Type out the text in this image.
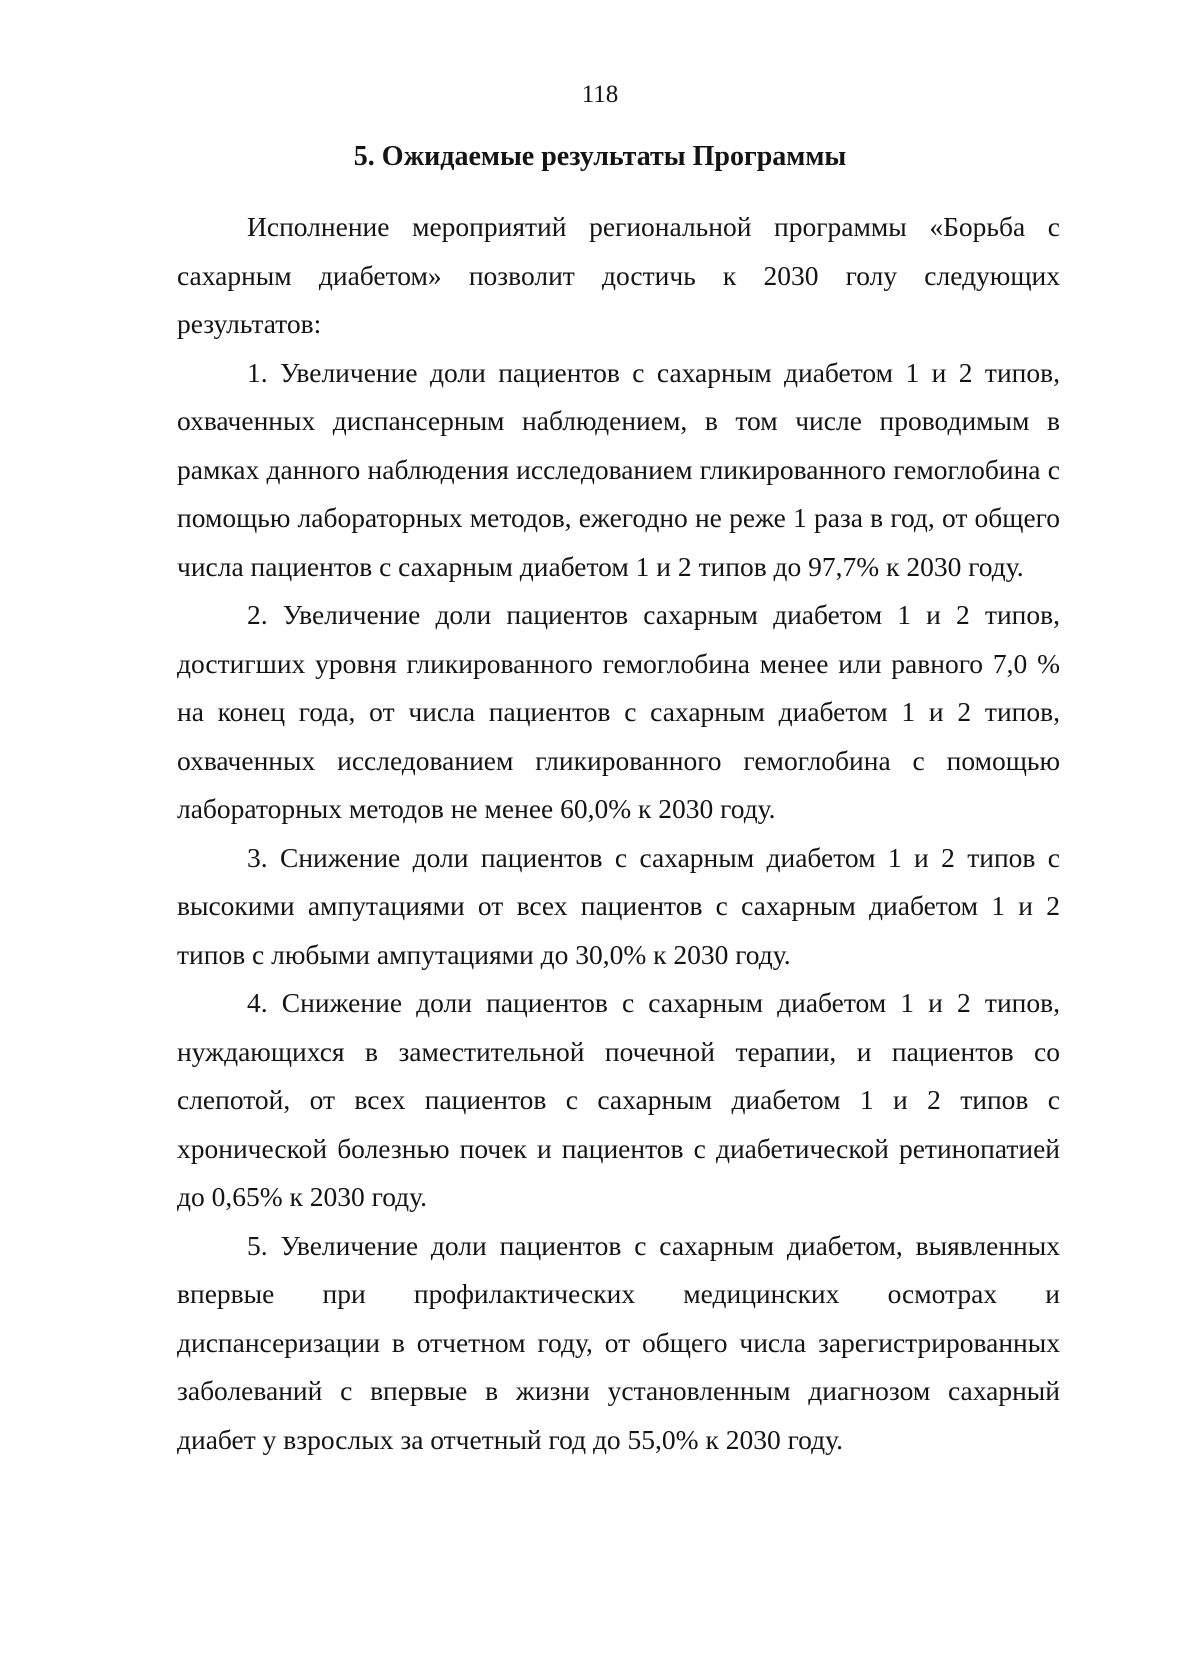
118
5. Ожидаемые результаты Программы

Исполнение мероприятий региональной программы «Борьба с сахарным диабетом» позволит достичь к 2030 голу следующих результатов:

1. Увеличение доли пациентов с сахарным диабетом 1 и 2 типов, охваченных диспансерным наблюдением, в том числе проводимым в рамках данного наблюдения исследованием гликированного гемоглобина с помощью лабораторных методов, ежегодно не реже 1 раза в год, от общего числа пациентов с сахарным диабетом 1 и 2 типов до 97,7% к 2030 году.

2. Увеличение доли пациентов сахарным диабетом 1 и 2 типов, достигших уровня гликированного гемоглобина менее или равного 7,0 % на конец года, от числа пациентов с сахарным диабетом 1 и 2 типов, охваченных исследованием гликированного гемоглобина с помощью лабораторных методов не менее 60,0% к 2030 году.

3. Снижение доли пациентов с сахарным диабетом 1 и 2 типов с высокими ампутациями от всех пациентов с сахарным диабетом 1 и 2 типов с любыми ампутациями до 30,0% к 2030 году.

4. Снижение доли пациентов с сахарным диабетом 1 и 2 типов, нуждающихся в заместительной почечной терапии, и пациентов со слепотой, от всех пациентов с сахарным диабетом 1 и 2 типов с хронической болезнью почек и пациентов с диабетической ретинопатией до 0,65% к 2030 году.

5. Увеличение доли пациентов с сахарным диабетом, выявленных впервые при профилактических медицинских осмотрах и диспансеризации в отчетном году, от общего числа зарегистрированных заболеваний с впервые в жизни установленным диагнозом сахарный диабет у взрослых за отчетный год до 55,0% к 2030 году.
